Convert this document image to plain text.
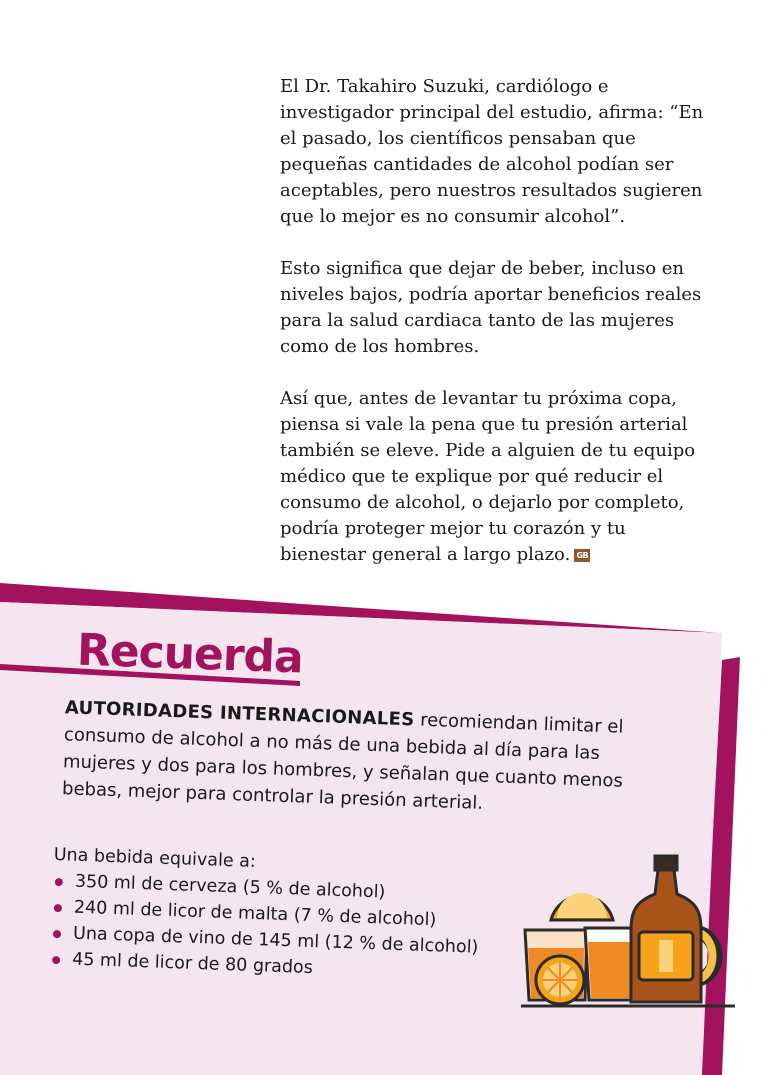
El Dr. Takahiro Suzuki, cardiólogo e investigador principal del estudio, afirma: “En el pasado, los científicos pensaban que pequeñas cantidades de alcohol podían ser aceptables, pero nuestros resultados sugieren que lo mejor es no consumir alcohol”.

Esto significa que dejar de beber, incluso en niveles bajos, podría aportar beneficios reales para la salud cardiaca tanto de las mujeres como de los hombres.

Así que, antes de levantar tu próxima copa, piensa si vale la pena que tu presión arterial también se eleve. Pide a alguien de tu equipo médico que te explique por qué reducir el consumo de alcohol, o dejarlo por completo, podría proteger mejor tu corazón y tu bienestar general a largo plazo. GB

Recuerda
AUTORIDADES INTERNACIONALES recomiendan limitar el consumo de alcohol a no más de una bebida al día para las mujeres y dos para los hombres, y señalan que cuanto menos bebas, mejor para controlar la presión arterial.
Una bebida equivale a:
350 ml de cerveza (5 % de alcohol)
240 ml de licor de malta (7 % de alcohol)
Una copa de vino de 145 ml (12 % de alcohol)
45 ml de licor de 80 grados
